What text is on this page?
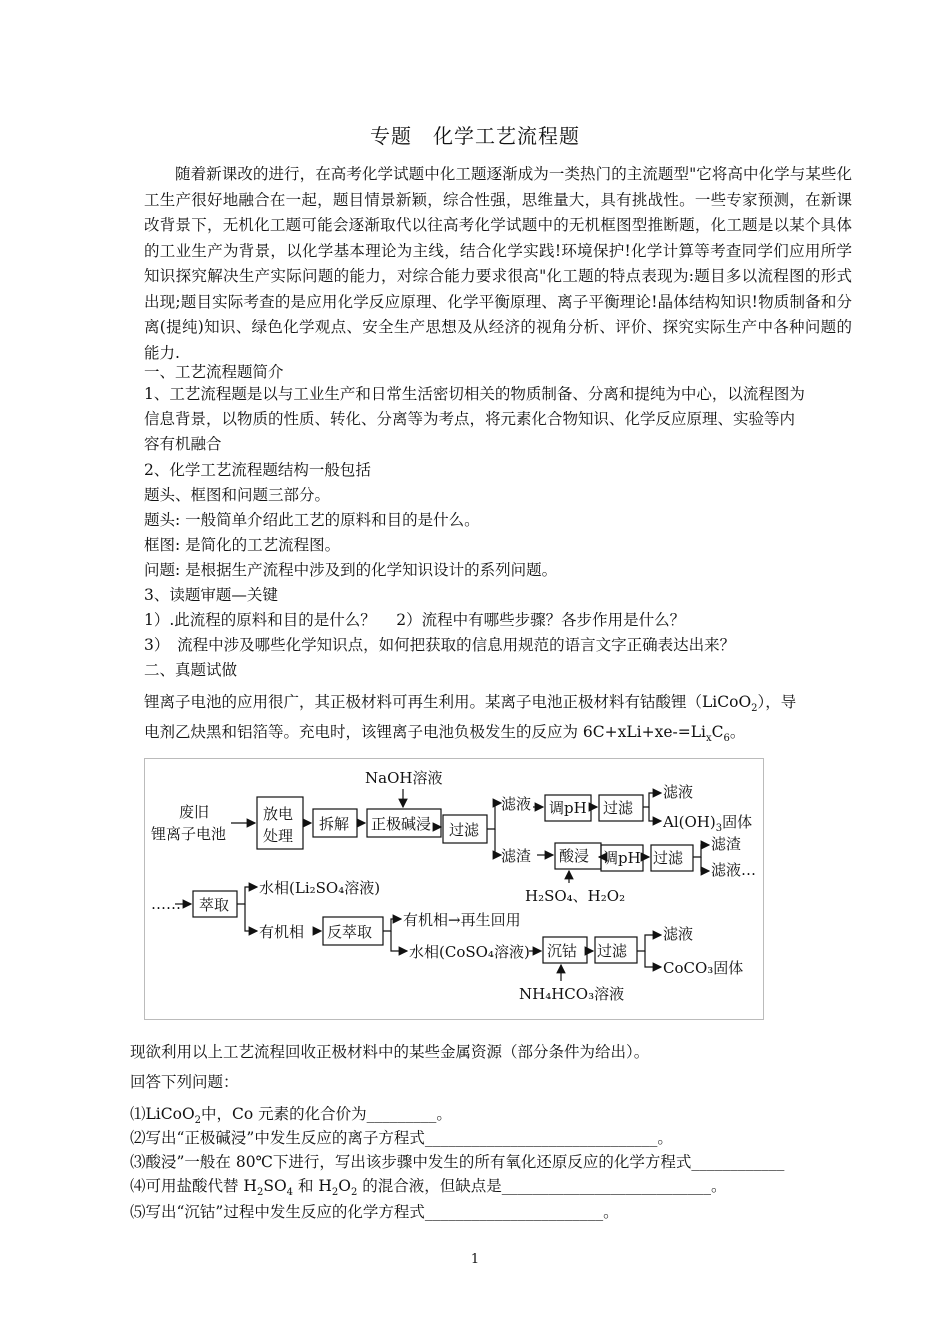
专题　化学工艺流程题
随着新课改的进行，在高考化学试题中化工题逐渐成为一类热门的主流题型"它将高中化学与某些化工生产很好地融合在一起，题目情景新颖，综合性强，思维量大，具有挑战性。一些专家预测，在新课改背景下，无机化工题可能会逐渐取代以往高考化学试题中的无机框图型推断题，化工题是以某个具体的工业生产为背景，以化学基本理论为主线，结合化学实践!环境保护!化学计算等考查同学们应用所学知识探究解决生产实际问题的能力，对综合能力要求很高"化工题的特点表现为:题目多以流程图的形式出现;题目实际考查的是应用化学反应原理、化学平衡原理、离子平衡理论!晶体结构知识!物质制备和分离(提纯)知识、绿色化学观点、安全生产思想及从经济的视角分析、评价、探究实际生产中各种问题的能力.
一、工艺流程题简介
1、工艺流程题是以与工业生产和日常生活密切相关的物质制备、分离和提纯为中心，以流程图为
信息背景，以物质的性质、转化、分离等为考点，将元素化合物知识、化学反应原理、实验等内
容有机融合
2、化学工艺流程题结构一般包括
题头、框图和问题三部分。
题头: 一般简单介绍此工艺的原料和目的是什么。
框图: 是简化的工艺流程图。
问题: 是根据生产流程中涉及到的化学知识设计的系列问题。
3、读题审题—关键
1）.此流程的原料和目的是什么？　 2）流程中有哪些步骤？各步作用是什么？
3）　流程中涉及哪些化学知识点，如何把获取的信息用规范的语言文字正确表达出来？
二、真题试做
锂离子电池的应用很广，其正极材料可再生利用。某离子电池正极材料有钴酸锂（LiCoO$_2$），导
电剂乙炔黑和铝箔等。充电时，该锂离子电池负极发生的反应为 $6C+xLi+xe-=Li_xC_6$。
废旧
锂离子电池
放电
处理
拆解 正极碱浸
NaOH溶液
过滤
滤液 调pH 过滤
滤液
$Al(OH)_3$固体
滤渣 酸浸 调pH 过滤
滤渣
滤液…
H₂SO₄、H₂O₂
…… 萃取
水相(Li₂SO₄溶液)
有机相 反萃取
有机相→再生回用
水相(CoSO₄溶液) 沉钴 过滤
滤液
CoCO₃固体
NH₄HCO₃溶液
现欲利用以上工艺流程回收正极材料中的某些金属资源（部分条件为给出）。
回答下列问题：
⑴LiCoO$_2$中，Co 元素的化合价为_________。
⑵写出“正极碱浸”中发生反应的离子方程式______________________________。
⑶酸浸”一般在 80℃下进行，写出该步骤中发生的所有氧化还原反应的化学方程式____________
⑷可用盐酸代替 $H_2SO_4$ 和 $H_2O_2$ 的混合液，但缺点是___________________________。
⑸写出“沉钴”过程中发生反应的化学方程式_______________________。
1
